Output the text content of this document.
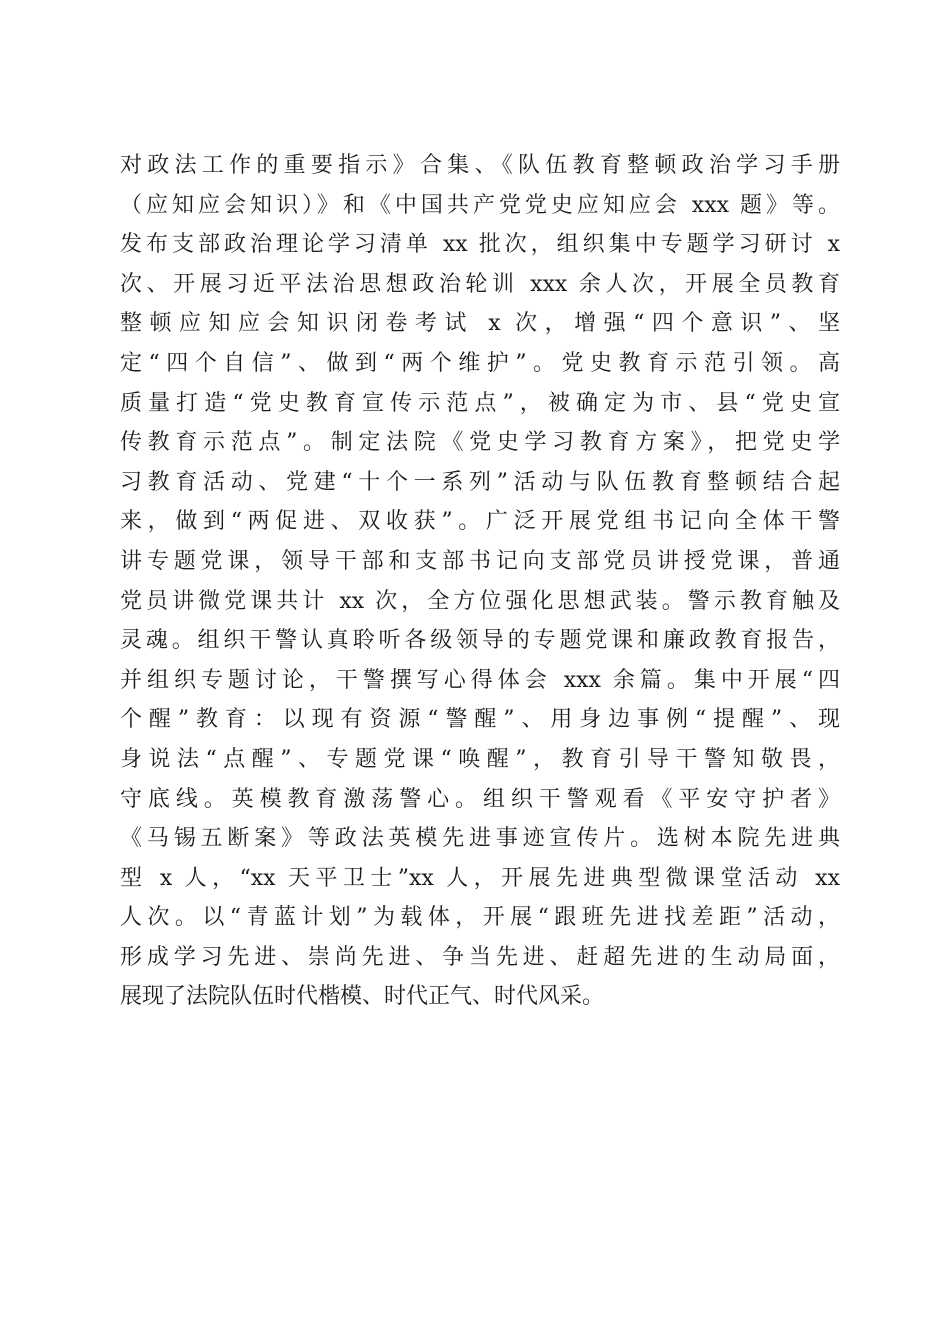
对政法工作的重要指示》合集、《队伍教育整顿政治学习手册
（应知应会知识）》和《中国共产党党史应知应会 xxx 题》等。
发布支部政治理论学习清单 xx 批次，组织集中专题学习研讨 x
次、开展习近平法治思想政治轮训 xxx 余人次，开展全员教育
整顿应知应会知识闭卷考试 x 次，增强“四个意识”、坚
定“四个自信”、做到“两个维护”。党史教育示范引领。高
质量打造“党史教育宣传示范点”，被确定为市、县“党史宣
传教育示范点”。制定法院《党史学习教育方案》，把党史学
习教育活动、党建“十个一系列”活动与队伍教育整顿结合起
来，做到“两促进、双收获”。广泛开展党组书记向全体干警
讲专题党课，领导干部和支部书记向支部党员讲授党课，普通
党员讲微党课共计 xx 次，全方位强化思想武装。警示教育触及
灵魂。组织干警认真聆听各级领导的专题党课和廉政教育报告，
并组织专题讨论，干警撰写心得体会 xxx 余篇。集中开展“四
个醒”教育：以现有资源“警醒”、用身边事例“提醒”、现
身说法“点醒”、专题党课“唤醒”，教育引导干警知敬畏，
守底线。英模教育激荡警心。组织干警观看《平安守护者》
《马锡五断案》等政法英模先进事迹宣传片。选树本院先进典
型 x 人，“xx 天平卫士”xx 人，开展先进典型微课堂活动 xx
人次。以“青蓝计划”为载体，开展“跟班先进找差距”活动，
形成学习先进、崇尚先进、争当先进、赶超先进的生动局面，
展现了法院队伍时代楷模、时代正气、时代风采。
